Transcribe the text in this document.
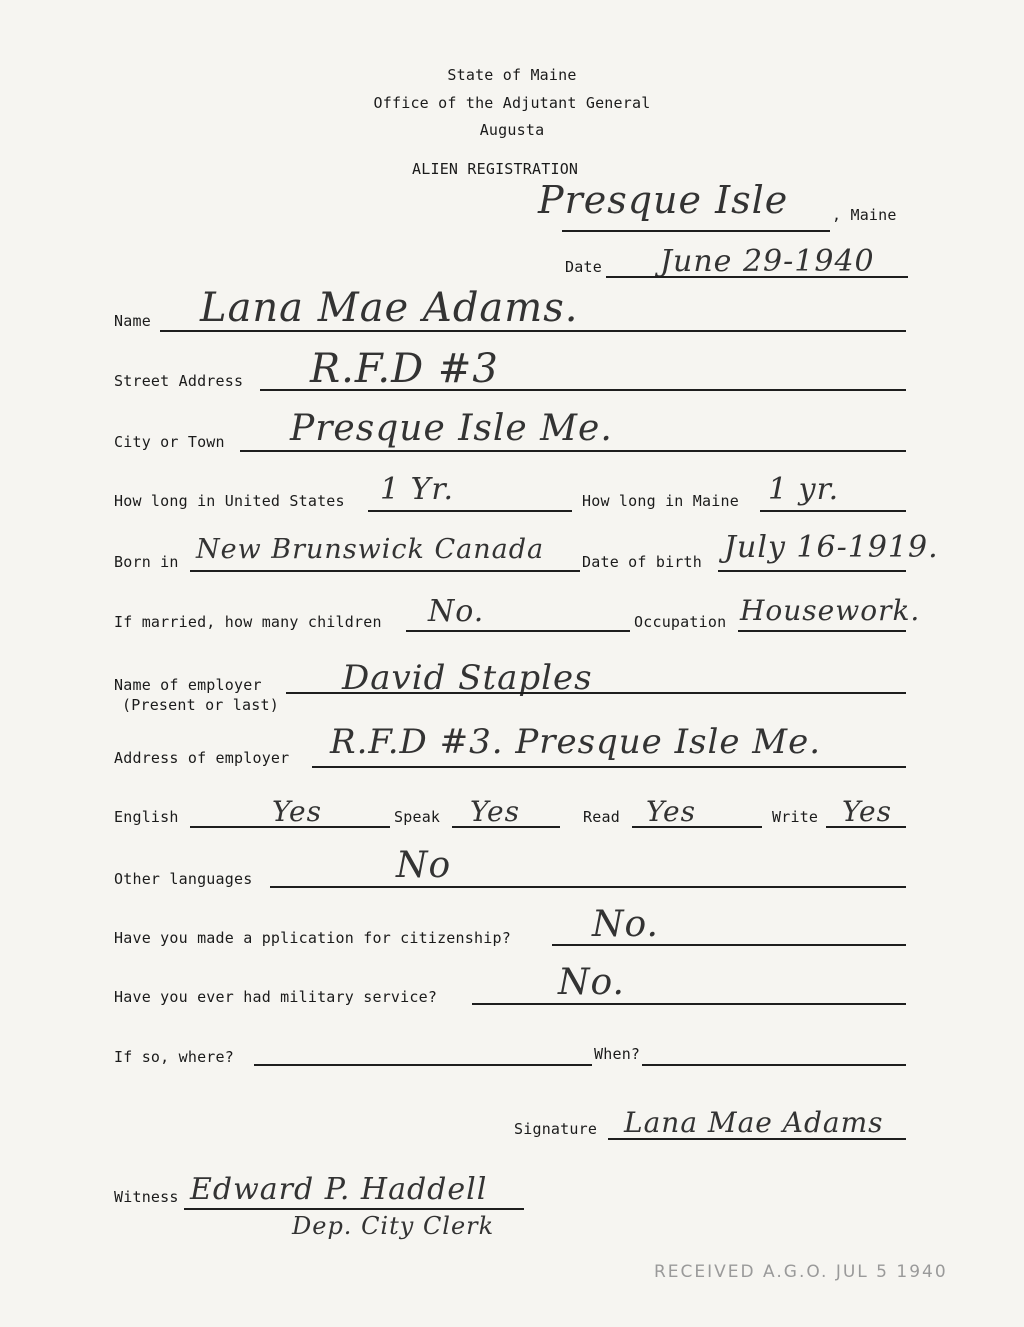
State of Maine
Office of the Adjutant General
Augusta
ALIEN REGISTRATION
Presque Isle	, Maine
Date June 29-1940
Name Lana Mae Adams.
Street Address R.F.D #3
City or Town Presque Isle Me.
How long in United States 1 Yr.	How long in Maine 1 yr.
Born in New Brunswick Canada	Date of birth July 16-1919.
If married, how many children No.	Occupation Housework.
Name of employer
(Present or last)
David Staples
Address of employer R.F.D #3. Presque Isle Me.
English	Yes	Speak Yes	Read Yes	Write Yes
Other languages	No
Have you made a pplication for citizenship? No.
Have you ever had military service?	No.
If so, where?	When?
Signature Lana Mae Adams
Witness Edward P. Haddell
Dep. City Clerk
RECEIVED A.G.O. JUL 5 1940
